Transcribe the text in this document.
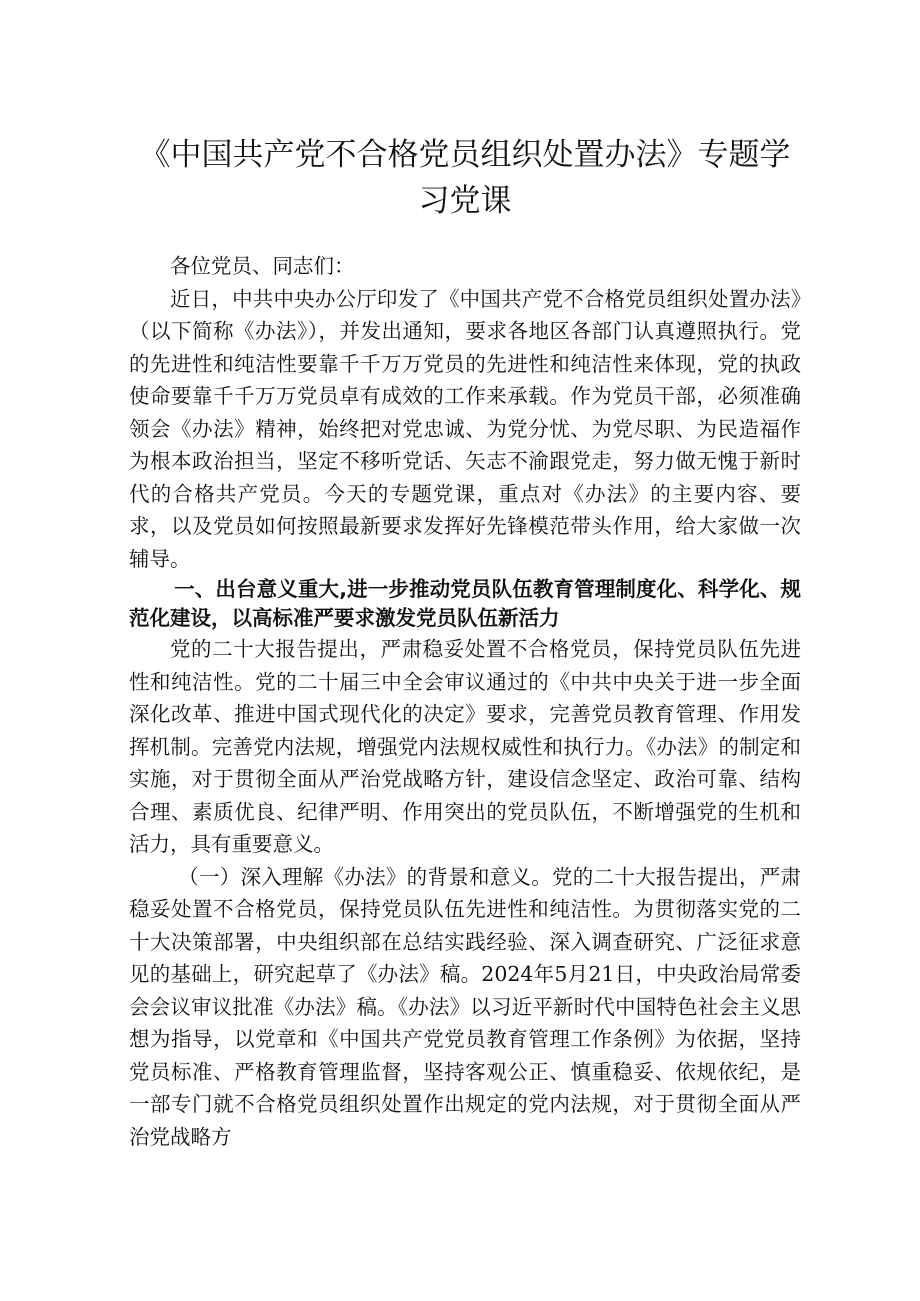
《中国共产党不合格党员组织处置办法》专题学习党课

各位党员、同志们：

近日，中共中央办公厅印发了《中国共产党不合格党员组织处置办法》（以下简称《办法》），并发出通知，要求各地区各部门认真遵照执行。党的先进性和纯洁性要靠千千万万党员的先进性和纯洁性来体现，党的执政使命要靠千千万万党员卓有成效的工作来承载。作为党员干部，必须准确领会《办法》精神，始终把对党忠诚、为党分忧、为党尽职、为民造福作为根本政治担当，坚定不移听党话、矢志不渝跟党走，努力做无愧于新时代的合格共产党员。今天的专题党课，重点对《办法》的主要内容、要求，以及党员如何按照最新要求发挥好先锋模范带头作用，给大家做一次辅导。

一、出台意义重大,进一步推动党员队伍教育管理制度化、科学化、规范化建设，以高标准严要求激发党员队伍新活力

党的二十大报告提出，严肃稳妥处置不合格党员，保持党员队伍先进性和纯洁性。党的二十届三中全会审议通过的《中共中央关于进一步全面深化改革、推进中国式现代化的决定》要求，完善党员教育管理、作用发挥机制。完善党内法规，增强党内法规权威性和执行力。《办法》的制定和实施，对于贯彻全面从严治党战略方针，建设信念坚定、政治可靠、结构合理、素质优良、纪律严明、作用突出的党员队伍，不断增强党的生机和活力，具有重要意义。

（一）深入理解《办法》的背景和意义。党的二十大报告提出，严肃稳妥处置不合格党员，保持党员队伍先进性和纯洁性。为贯彻落实党的二十大决策部署，中央组织部在总结实践经验、深入调查研究、广泛征求意见的基础上，研究起草了《办法》稿。2024年5月21日，中央政治局常委会会议审议批准《办法》稿。《办法》以习近平新时代中国特色社会主义思想为指导，以党章和《中国共产党党员教育管理工作条例》为依据，坚持党员标准、严格教育管理监督，坚持客观公正、慎重稳妥、依规依纪，是一部专门就不合格党员组织处置作出规定的党内法规，对于贯彻全面从严治党战略方
